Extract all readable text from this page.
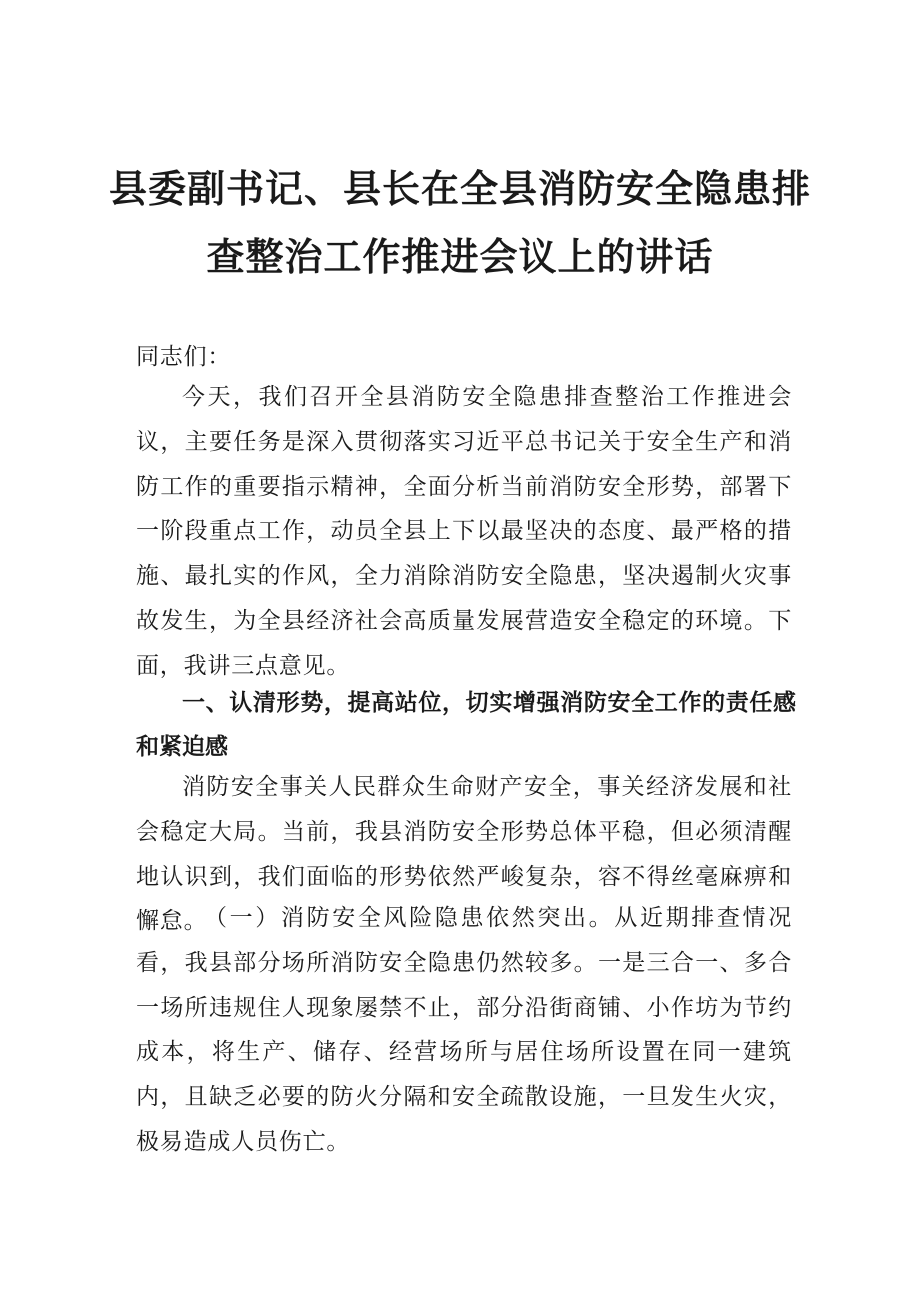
县委副书记、县长在全县消防安全隐患排
查整治工作推进会议上的讲话

同志们：

今天，我们召开全县消防安全隐患排查整治工作推进会议，主要任务是深入贯彻落实习近平总书记关于安全生产和消防工作的重要指示精神，全面分析当前消防安全形势，部署下一阶段重点工作，动员全县上下以最坚决的态度、最严格的措施、最扎实的作风，全力消除消防安全隐患，坚决遏制火灾事故发生，为全县经济社会高质量发展营造安全稳定的环境。下面，我讲三点意见。

一、认清形势，提高站位，切实增强消防安全工作的责任感和紧迫感

消防安全事关人民群众生命财产安全，事关经济发展和社会稳定大局。当前，我县消防安全形势总体平稳，但必须清醒地认识到，我们面临的形势依然严峻复杂，容不得丝毫麻痹和懈怠。

（一）消防安全风险隐患依然突出。从近期排查情况看，我县部分场所消防安全隐患仍然较多。一是三合一、多合一场所违规住人现象屡禁不止，部分沿街商铺、小作坊为节约成本，将生产、储存、经营场所与居住场所设置在同一建筑内，且缺乏必要的防火分隔和安全疏散设施，一旦发生火灾，极易造成人员伤亡。
